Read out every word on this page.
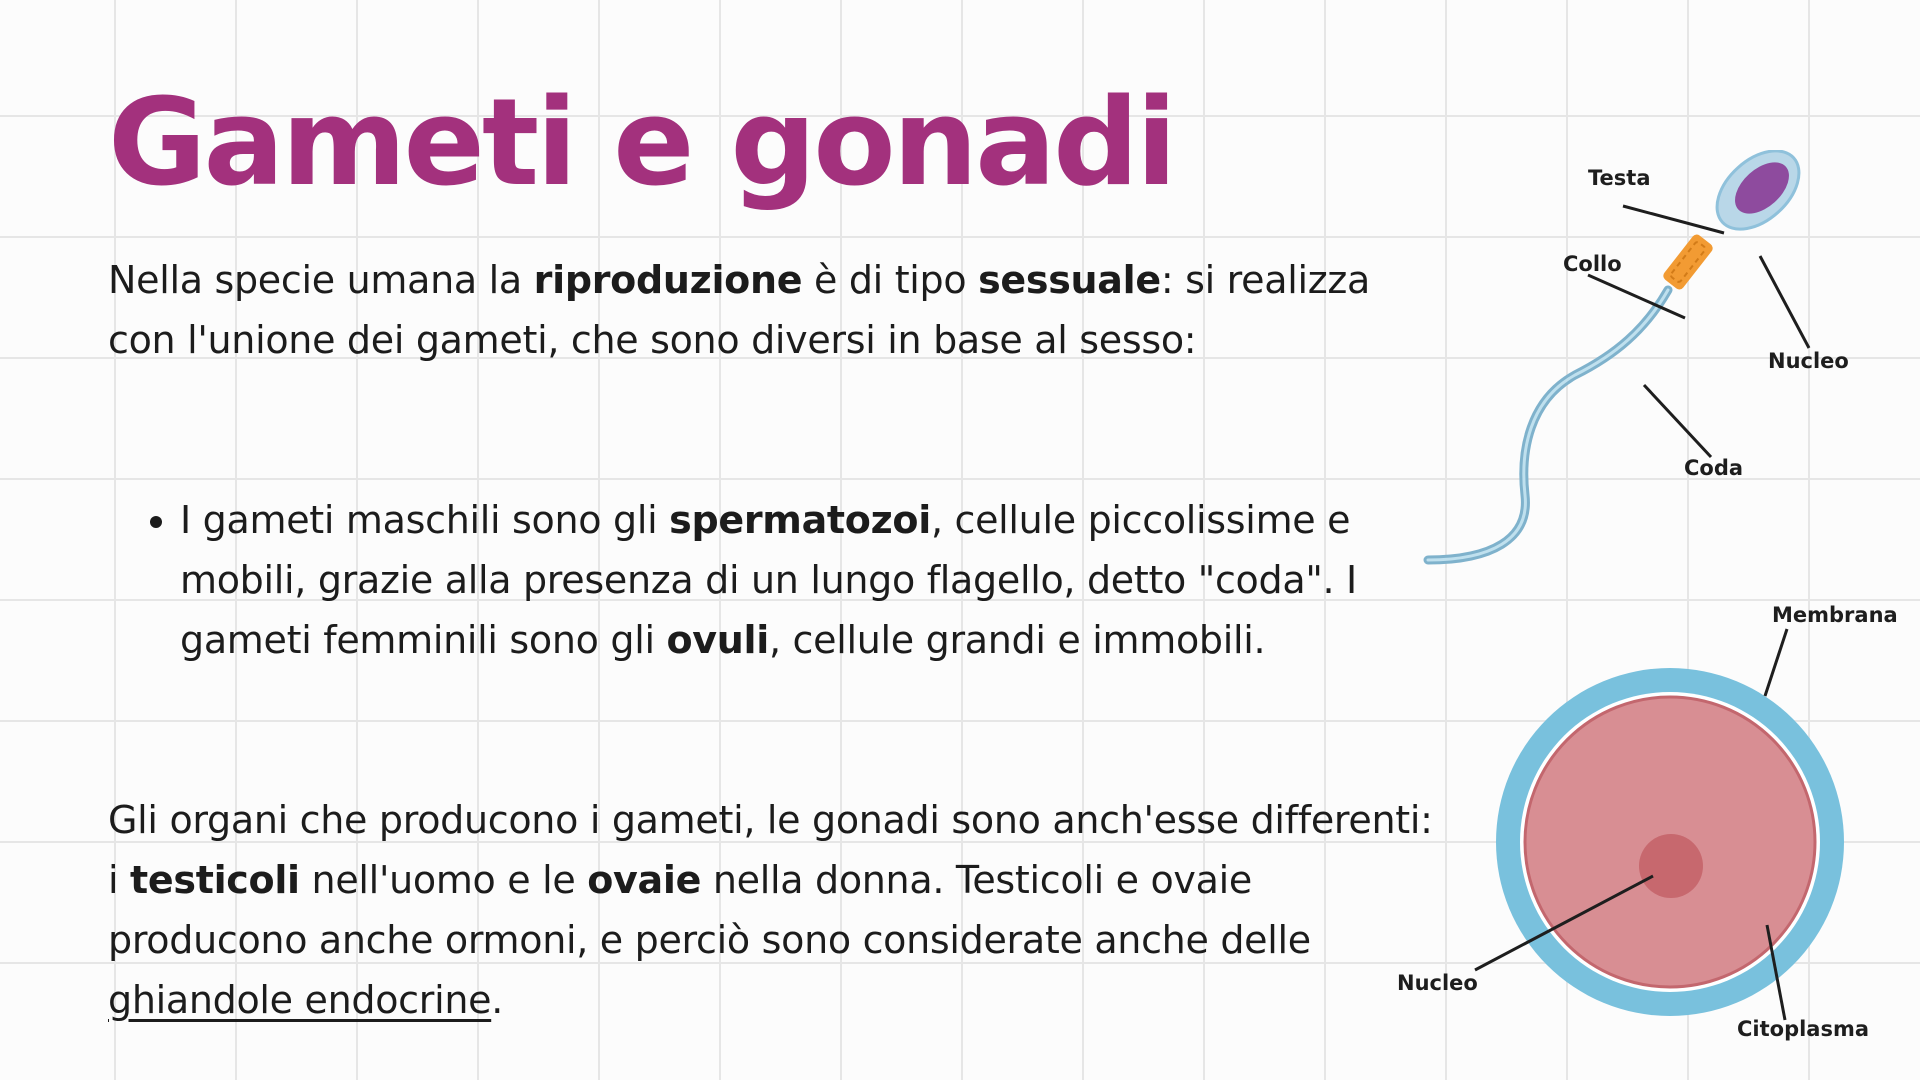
Gameti e gonadi

Nella specie umana la riproduzione è di tipo sessuale: si realizza con l'unione dei gameti, che sono diversi in base al sesso:

• I gameti maschili sono gli spermatozoi, cellule piccolissime e mobili, grazie alla presenza di un lungo flagello, detto "coda". I gameti femminili sono gli ovuli, cellule grandi e immobili.

Gli organi che producono i gameti, le gonadi sono anch'esse differenti: i testicoli nell'uomo e le ovaie nella donna. Testicoli e ovaie producono anche ormoni, e perciò sono considerate anche delle ghiandole endocrine.

Testa
Collo
Nucleo
Coda
Membrana
Nucleo
Citoplasma
